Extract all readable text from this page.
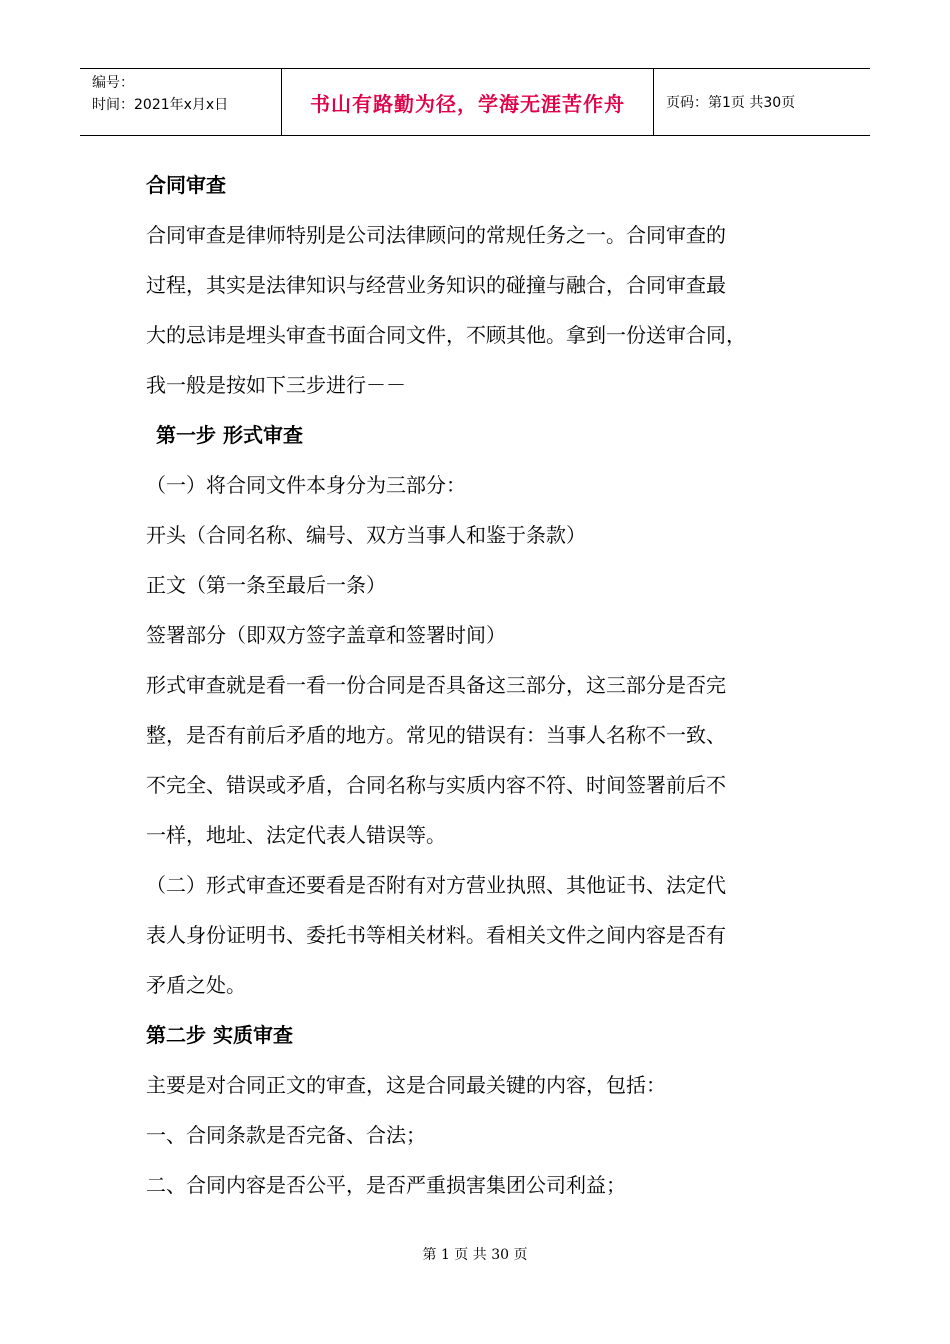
编号：
时间：2021年x月x日	书山有路勤为径，学海无涯苦作舟	页码：第1页 共30页
合同审查
合同审查是律师特别是公司法律顾问的常规任务之一。合同审查的
过程，其实是法律知识与经营业务知识的碰撞与融合，合同审查最
大的忌讳是埋头审查书面合同文件，不顾其他。拿到一份送审合同，
我一般是按如下三步进行－－
第一步 形式审查
（一）将合同文件本身分为三部分：
开头（合同名称、编号、双方当事人和鉴于条款）
正文（第一条至最后一条）
签署部分（即双方签字盖章和签署时间）
形式审查就是看一看一份合同是否具备这三部分，这三部分是否完
整，是否有前后矛盾的地方。常见的错误有：当事人名称不一致、
不完全、错误或矛盾，合同名称与实质内容不符、时间签署前后不
一样，地址、法定代表人错误等。
（二）形式审查还要看是否附有对方营业执照、其他证书、法定代
表人身份证明书、委托书等相关材料。看相关文件之间内容是否有
矛盾之处。
第二步 实质审查
主要是对合同正文的审查，这是合同最关键的内容，包括：
一、合同条款是否完备、合法；
二、合同内容是否公平，是否严重损害集团公司利益；
第 1 页 共 30 页
